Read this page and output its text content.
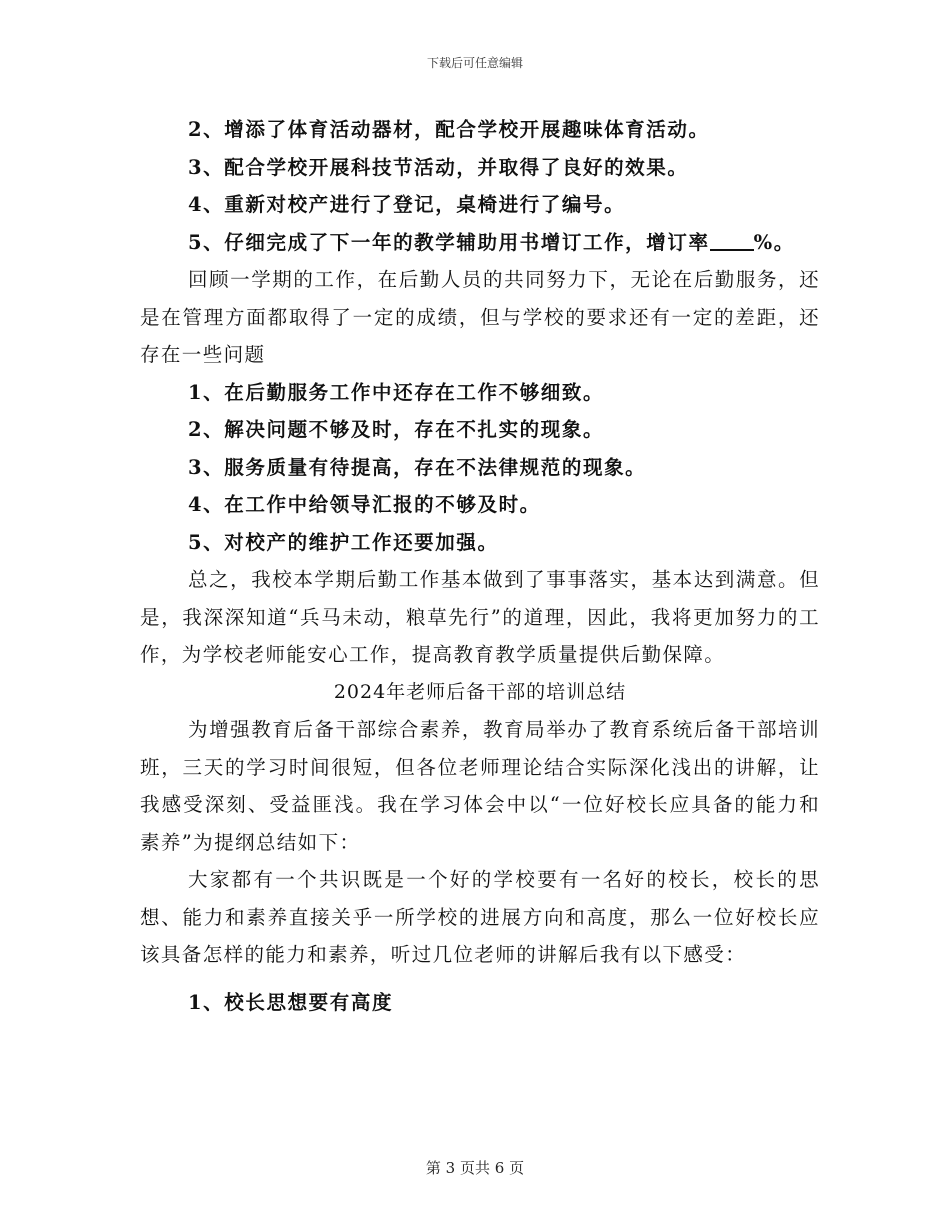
下载后可任意编辑
2、增添了体育活动器材，配合学校开展趣味体育活动。
3、配合学校开展科技节活动，并取得了良好的效果。
4、重新对校产进行了登记，桌椅进行了编号。
5、仔细完成了下一年的教学辅助用书增订工作，增订率 %。
回顾一学期的工作，在后勤人员的共同努力下，无论在后勤服务，还是在管理方面都取得了一定的成绩，但与学校的要求还有一定的差距，还存在一些问题
1、在后勤服务工作中还存在工作不够细致。
2、解决问题不够及时，存在不扎实的现象。
3、服务质量有待提高，存在不法律规范的现象。
4、在工作中给领导汇报的不够及时。
5、对校产的维护工作还要加强。
总之，我校本学期后勤工作基本做到了事事落实，基本达到满意。但是，我深深知道“兵马未动，粮草先行”的道理，因此，我将更加努力的工作，为学校老师能安心工作，提高教育教学质量提供后勤保障。
2024年老师后备干部的培训总结
为增强教育后备干部综合素养，教育局举办了教育系统后备干部培训班，三天的学习时间很短，但各位老师理论结合实际深化浅出的讲解，让我感受深刻、受益匪浅。我在学习体会中以“一位好校长应具备的能力和素养”为提纲总结如下：
大家都有一个共识既是一个好的学校要有一名好的校长，校长的思想、能力和素养直接关乎一所学校的进展方向和高度，那么一位好校长应该具备怎样的能力和素养，听过几位老师的讲解后我有以下感受：
1、校长思想要有高度
第 3 页共 6 页
